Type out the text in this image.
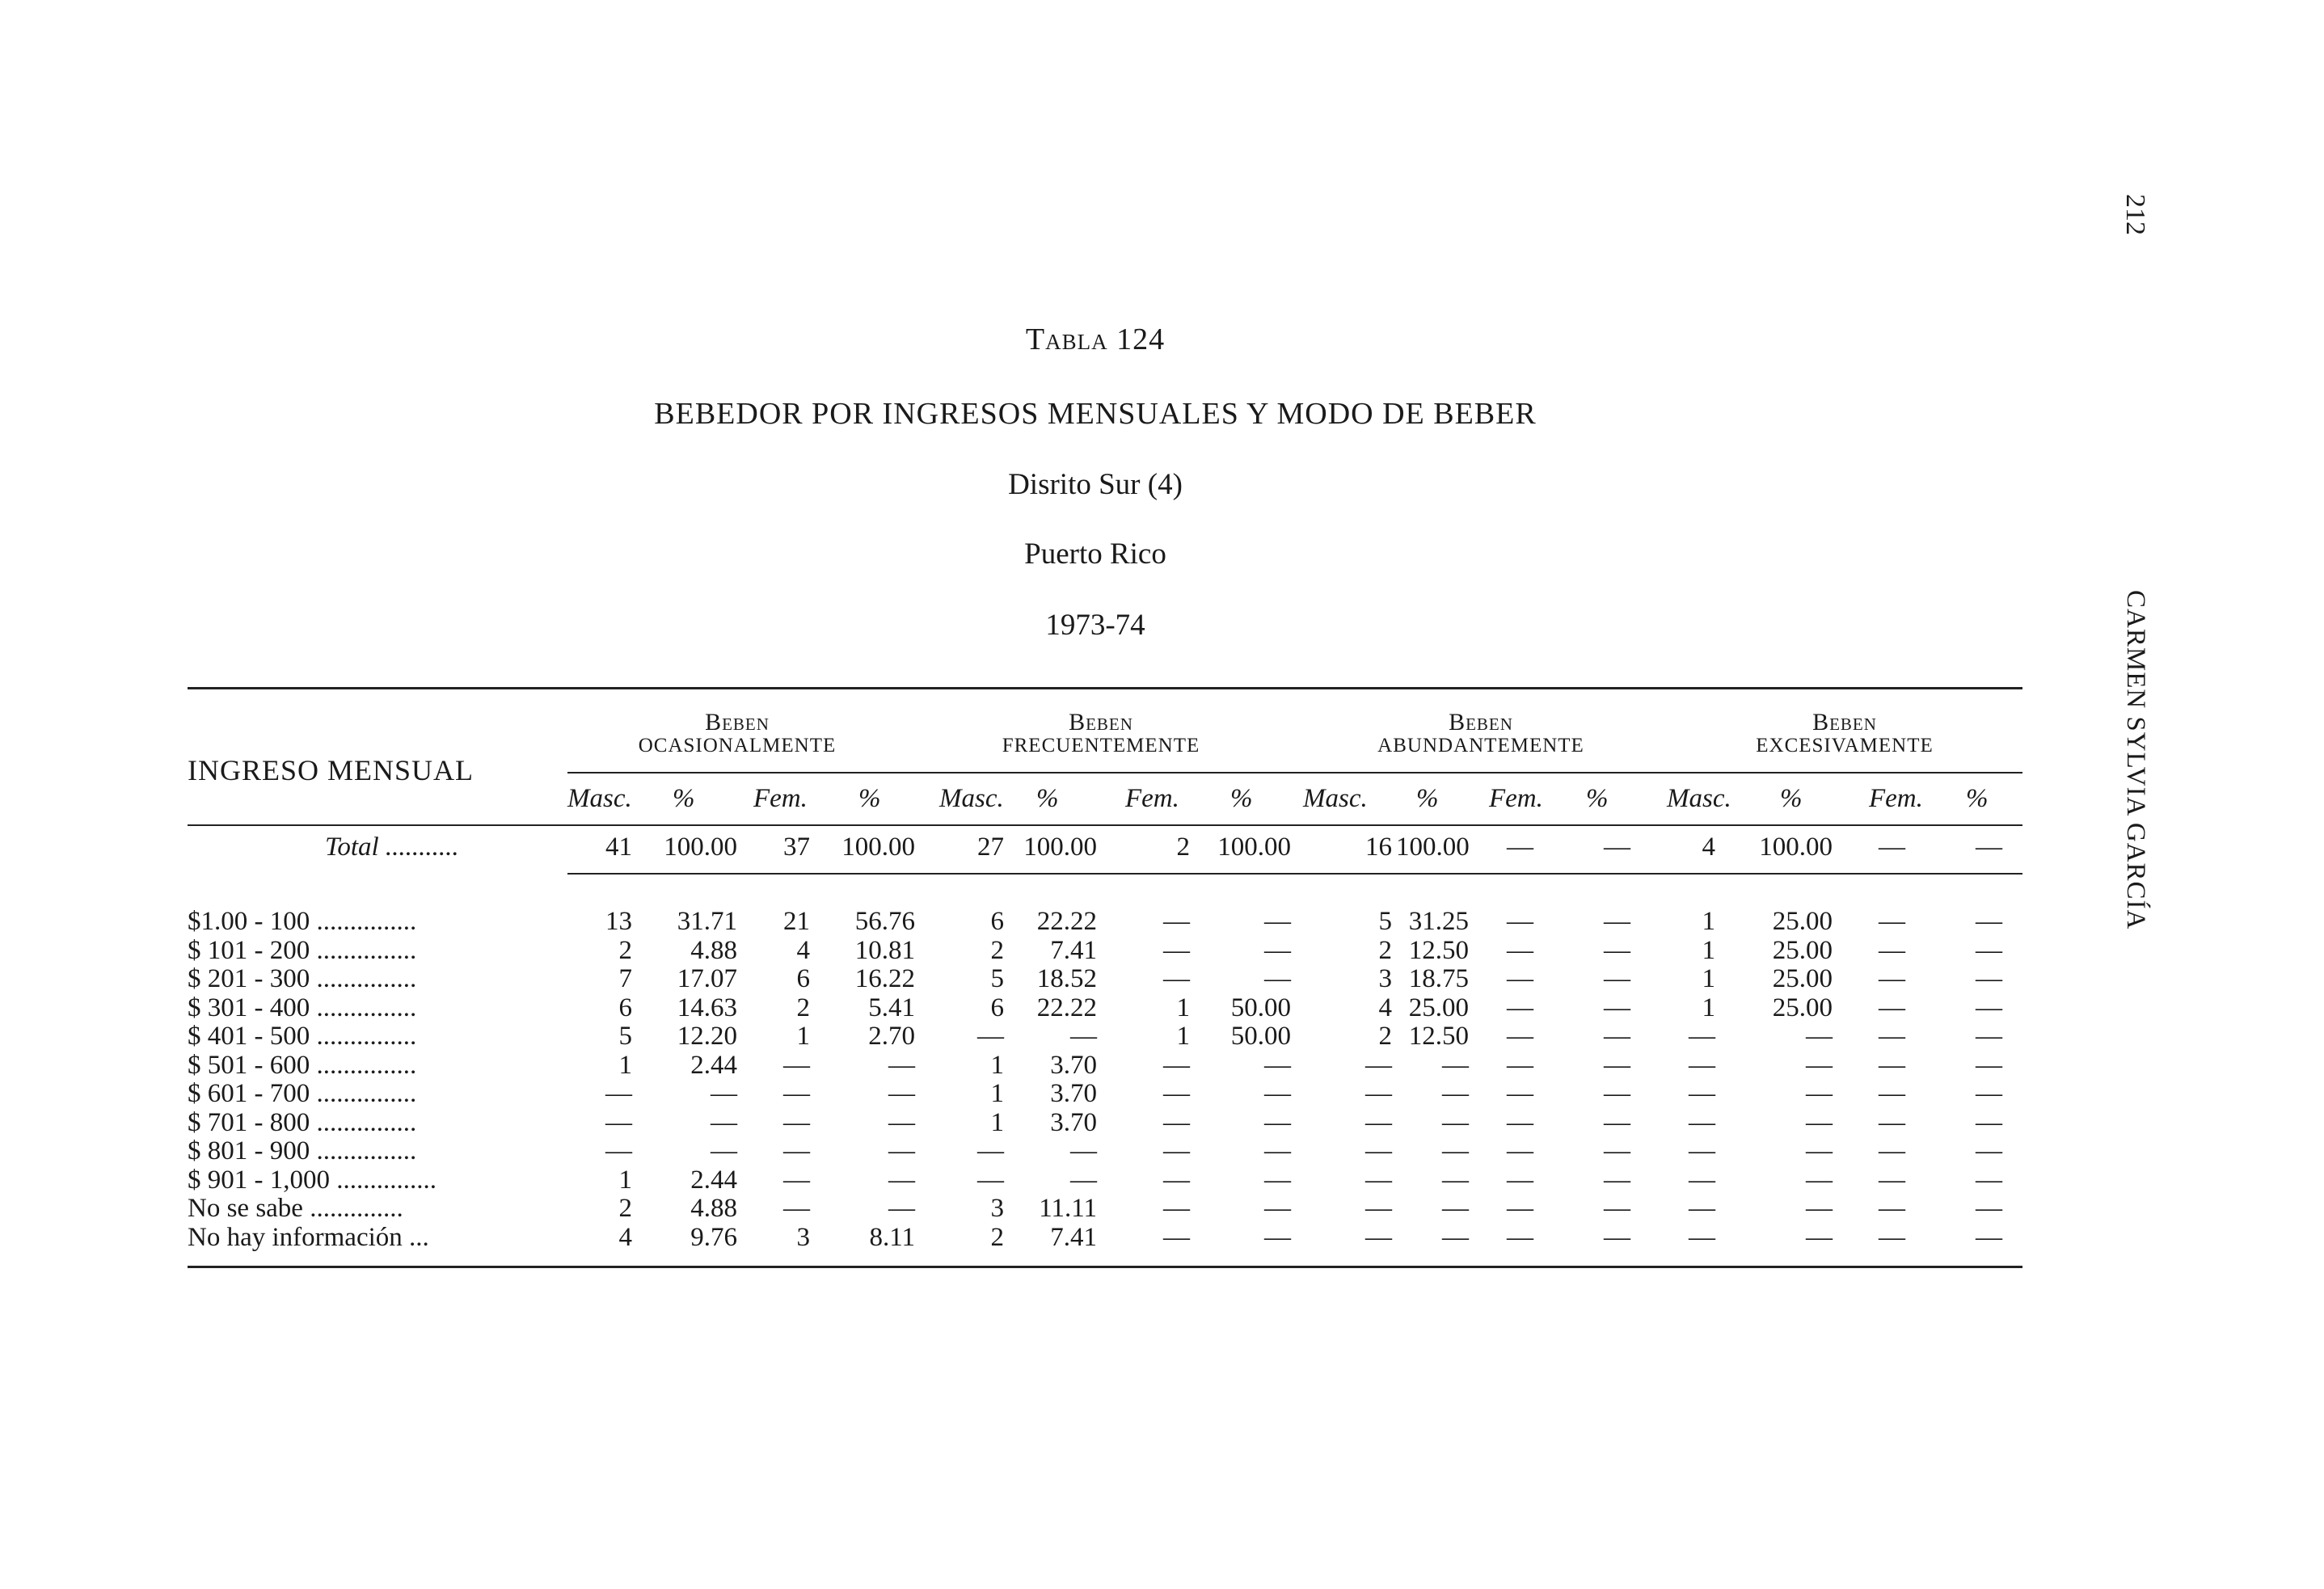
212
CARMEN SYLVIA GARCÍA
Tabla 124
BEBEDOR POR INGRESOS MENSUALES Y MODO DE BEBER
Disrito Sur (4)
Puerto Rico
1973-74
INGRESO MENSUAL
Beben
OCASIONALMENTE
Beben
FRECUENTEMENTE
Beben
ABUNDANTEMENTE
Beben
EXCESIVAMENTE
Masc. % Fem. % Masc. %	Fem. % Masc. % Fem. % Masc. %	Fem. %
Total ...........	41	100.00	37	100.00	27 100.00	2	100.00	16 100.00	—	—	4	100.00	—	—
$1.00 - 100 ...............	13	31.71	21	56.76	6	22.22	—	—	5 31.25	—	—	1	25.00	—	—
$ 101 - 200 ...............	2	4.88	4	10.81	2	7.41	—	—	2 12.50	—	—	1	25.00	—	—
$ 201 - 300 ...............	7	17.07	6	16.22	5	18.52	—	—	3 18.75	—	—	1	25.00	—	—
$ 301 - 400 ...............	6	14.63	2	5.41	6	22.22	1	50.00	4 25.00	—	—	1	25.00	—	—
$ 401 - 500 ...............	5	12.20	1	2.70	—	—	1	50.00	2 12.50	—	—	—	—	—	—
$ 501 - 600 ...............	1	2.44	—	—	1	3.70	—	—	—	—	—	—	—	—	—	—
$ 601 - 700 ...............	—	—	—	—	1	3.70	—	—	—	—	—	—	—	—	—	—
$ 701 - 800 ...............	—	—	—	—	1	3.70	—	—	—	—	—	—	—	—	—	—
$ 801 - 900 ...............	—	—	—	—	—	—	—	—	—	—	—	—	—	—	—	—
$ 901 - 1,000 ...............	1	2.44	—	—	—	—	—	—	—	—	—	—	—	—	—	—
No se sabe ..............	2	4.88	—	—	3	11.11	—	—	—	—	—	—	—	—	—	—
No hay información ...	4	9.76	3	8.11	2	7.41	—	—	—	—	—	—	—	—	—	—
